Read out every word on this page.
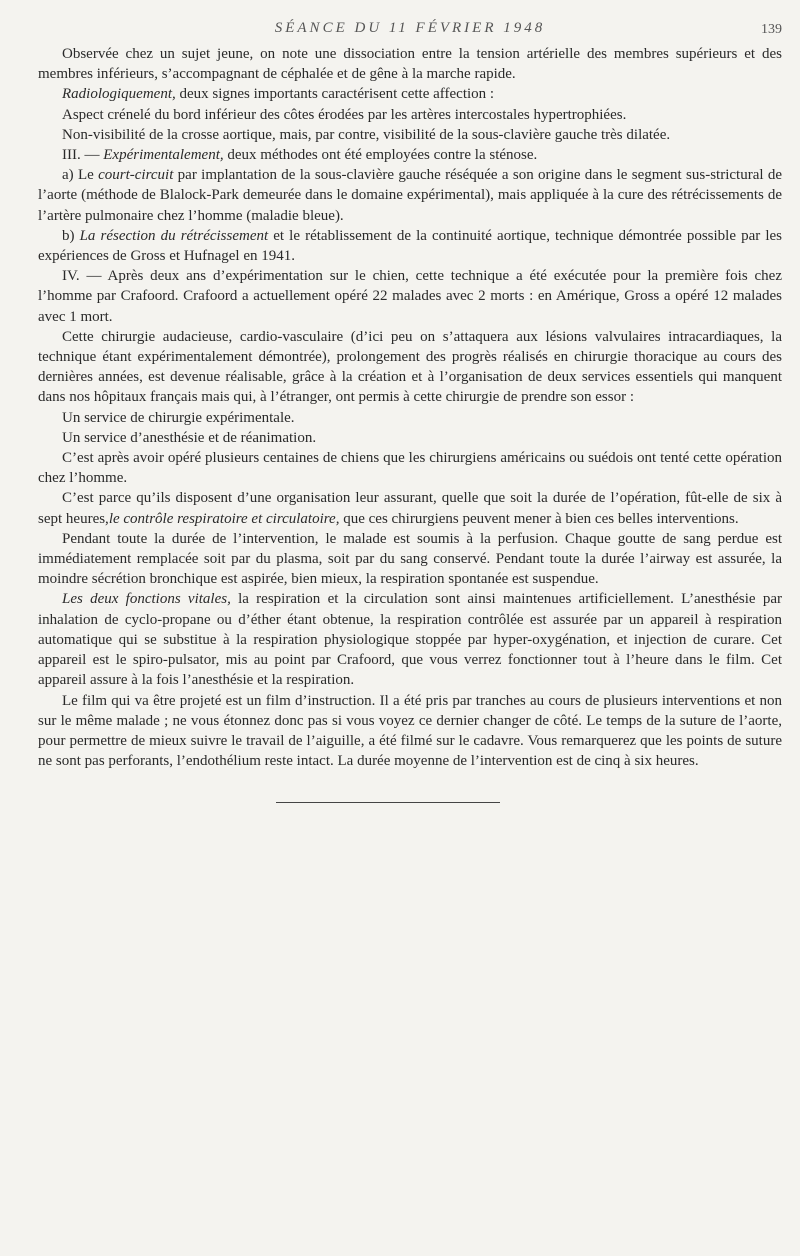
SÉANCE DU 11 FÉVRIER 1948	139

Observée chez un sujet jeune, on note une dissociation entre la tension artérielle des membres supérieurs et des membres inférieurs, s’accompagnant de céphalée et de gêne à la marche rapide.

Radiologiquement, deux signes importants caractérisent cette affection :

Aspect crénelé du bord inférieur des côtes érodées par les artères intercostales hypertrophiées.

Non-visibilité de la crosse aortique, mais, par contre, visibilité de la sous-clavière gauche très dilatée.

III. — Expérimentalement, deux méthodes ont été employées contre la sténose.

a) Le court-circuit par implantation de la sous-clavière gauche réséquée a son origine dans le segment sus-strictural de l’aorte (méthode de Blalock-Park demeurée dans le domaine expérimental), mais appliquée à la cure des rétrécissements de l’artère pulmonaire chez l’homme (maladie bleue).

b) La résection du rétrécissement et le rétablissement de la continuité aortique, technique démontrée possible par les expériences de Gross et Hufnagel en 1941.

IV. — Après deux ans d’expérimentation sur le chien, cette technique a été exécutée pour la première fois chez l’homme par Crafoord. Crafoord a actuellement opéré 22 malades avec 2 morts : en Amérique, Gross a opéré 12 malades avec 1 mort.

Cette chirurgie audacieuse, cardio-vasculaire (d’ici peu on s’attaquera aux lésions valvulaires intracardiaques, la technique étant expérimentalement démontrée), prolongement des progrès réalisés en chirurgie thoracique au cours des dernières années, est devenue réalisable, grâce à la création et à l’organisation de deux services essentiels qui manquent dans nos hôpitaux français mais qui, à l’étranger, ont permis à cette chirurgie de prendre son essor :

Un service de chirurgie expérimentale.

Un service d’anesthésie et de réanimation.

C’est après avoir opéré plusieurs centaines de chiens que les chirurgiens américains ou suédois ont tenté cette opération chez l’homme.

C’est parce qu’ils disposent d’une organisation leur assurant, quelle que soit la durée de l’opération, fût-elle de six à sept heures,le contrôle respiratoire et circulatoire, que ces chirurgiens peuvent mener à bien ces belles interventions.

Pendant toute la durée de l’intervention, le malade est soumis à la perfusion. Chaque goutte de sang perdue est immédiatement remplacée soit par du plasma, soit par du sang conservé. Pendant toute la durée l’airway est assurée, la moindre sécrétion bronchique est aspirée, bien mieux, la respiration spontanée est suspendue.

Les deux fonctions vitales, la respiration et la circulation sont ainsi maintenues artificiellement. L’anesthésie par inhalation de cyclo-propane ou d’éther étant obtenue, la respiration contrôlée est assurée par un appareil à respiration automatique qui se substitue à la respiration physiologique stoppée par hyper-oxygénation, et injection de curare. Cet appareil est le spiro-pulsator, mis au point par Crafoord, que vous verrez fonctionner tout à l’heure dans le film. Cet appareil assure à la fois l’anesthésie et la respiration.

Le film qui va être projeté est un film d’instruction. Il a été pris par tranches au cours de plusieurs interventions et non sur le même malade ; ne vous étonnez donc pas si vous voyez ce dernier changer de côté. Le temps de la suture de l’aorte, pour permettre de mieux suivre le travail de l’aiguille, a été filmé sur le cadavre. Vous remarquerez que les points de suture ne sont pas perforants, l’endothélium reste intact. La durée moyenne de l’intervention est de cinq à six heures.
